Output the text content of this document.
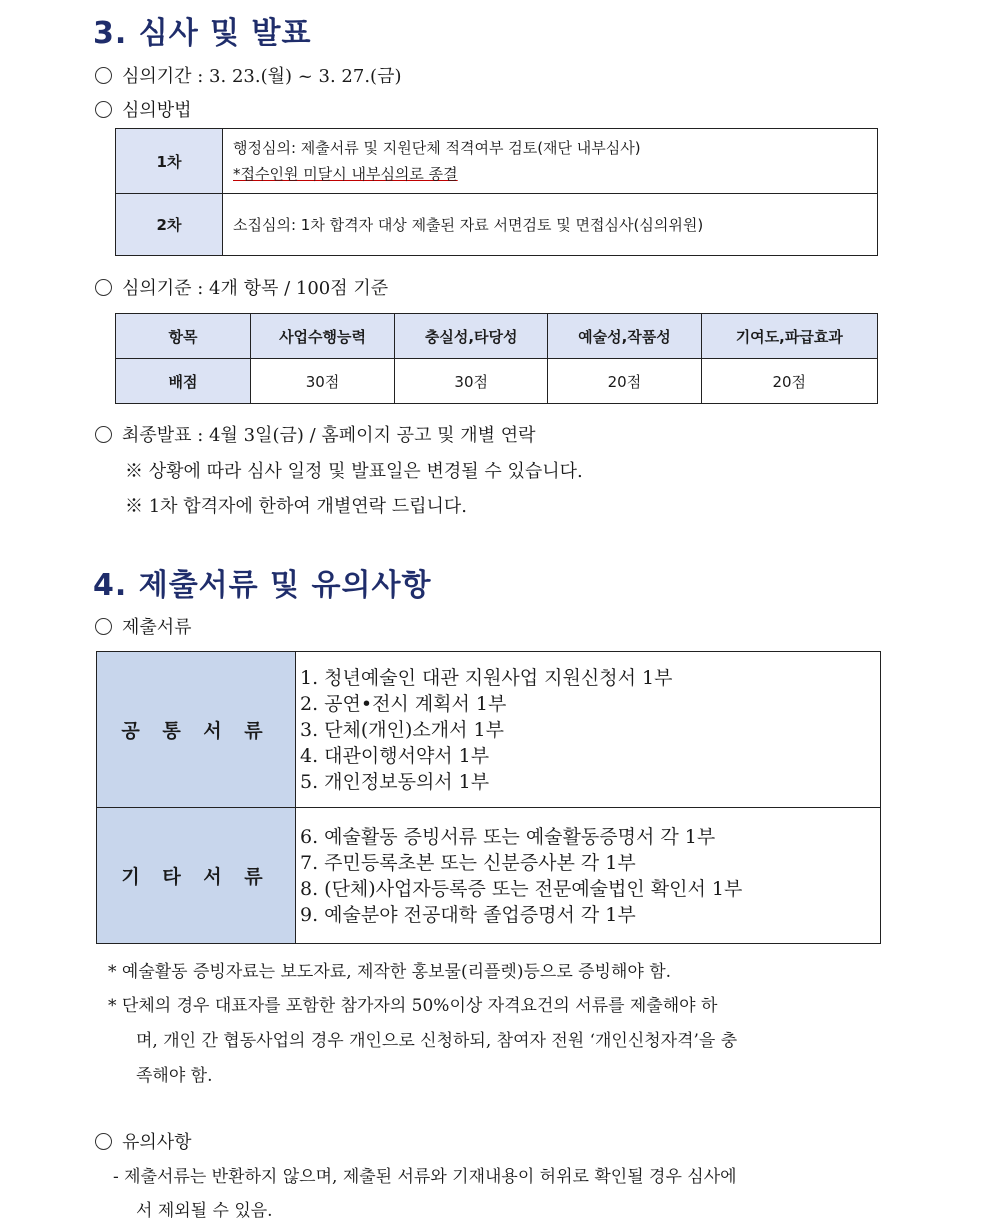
3. 심사 및 발표
심의기간 : 3. 23.(월) ~ 3. 27.(금)
심의방법
1차	행정심의: 제출서류 및 지원단체 적격여부 검토(재단 내부심사)
*접수인원 미달시 내부심의로 종결

2차	소집심의: 1차 합격자 대상 제출된 자료 서면검토 및 면접심사(심의위원)
심의기준 : 4개 항목 / 100점 기준
항목	사업수행능력	충실성,타당성	예술성,작품성	기여도,파급효과
배점	30점	30점	20점	20점
최종발표 : 4월 3일(금) / 홈페이지 공고 및 개별 연락
※ 상황에 따라 심사 일정 및 발표일은 변경될 수 있습니다.
※ 1차 합격자에 한하여 개별연락 드립니다.
4. 제출서류 및 유의사항
제출서류
공 통 서 류	1. 청년예술인 대관 지원사업 지원신청서 1부
2. 공연•전시 계획서 1부
3. 단체(개인)소개서 1부
4. 대관이행서약서 1부
5. 개인정보동의서 1부

기 타 서 류	6. 예술활동 증빙서류 또는 예술활동증명서 각 1부
7. 주민등록초본 또는 신분증사본 각 1부
8. (단체)사업자등록증 또는 전문예술법인 확인서 1부
9. 예술분야 전공대학 졸업증명서 각 1부
* 예술활동 증빙자료는 보도자료, 제작한 홍보물(리플렛)등으로 증빙해야 함.
* 단체의 경우 대표자를 포함한 참가자의 50%이상 자격요건의 서류를 제출해야 하
며, 개인 간 협동사업의 경우 개인으로 신청하되, 참여자 전원 ‘개인신청자격’을 충
족해야 함.
유의사항
- 제출서류는 반환하지 않으며, 제출된 서류와 기재내용이 허위로 확인될 경우 심사에
서 제외될 수 있음.
